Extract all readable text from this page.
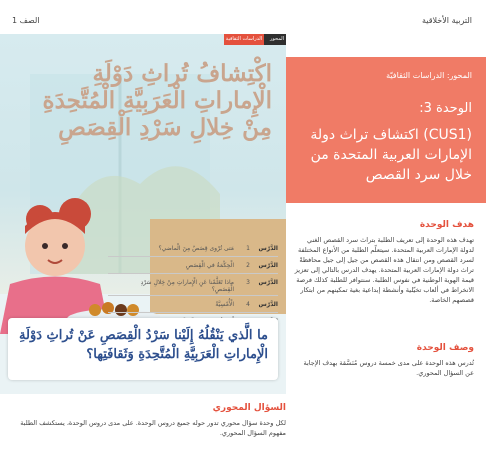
الصف 1	التربية الأخلاقية
الدراسات الثقافية	المحور
اكْتِشافُ تُراثِ دَوْلَةِ الْإِماراتِ الْعَرَبِيَّةِ الْمُتَّحِدَةِ مِنْ خِلالِ سَرْدِ الْقِصَصِ
الدَّرْس
1
مَتى تُرْوى قِصَصٌ مِنَ الْماضي؟
الدَّرْس
2
الْحِكْمَةُ في الْقِصَصِ
الدَّرْس
3
ماذا تَعَلَّمْنا عَنِ الْإِماراتِ مِنْ خِلالِ سَرْدِ الْقِصَصِ؟
الدَّرْس
4
الْأُمْسِيَّةُ
ما الَّذي يَنْقُلُهُ إِلَيْنا سَرْدُ الْقِصَصِ عَنْ تُراثِ دَوْلَةِ الْإِماراتِ الْعَرَبِيَّةِ الْمُتَّحِدَةِ وَثَقافَتِها؟
المحور: الدراسات الثقافيّة
الوحدة 3:
(CUS1) اكتشاف تراث دولة الإمارات العربية المتحدة من خلال سرد القصص
هدف الوحدة

تهدف هذه الوحدة إلى تعريف الطلبة بتراث سرد القصص الغني لدولة الإمارات العربية المتحدة. سيتعلّم الطلبة من الأنواع المختلفة لسرد القصص ومن انتقال هذه القصص من جيل إلى جيل محافظةً تراث دولة الإمارات العربية المتحدة. يهدف الدرس بالتالي إلى تعزيز قيمة الهوية الوطنية في نفوس الطلبة. سنتوافر للطلبة كذلك فرصة الانخراط في ألعاب تخيّلية وأنشطة إبداعية بغية تمكينهم من ابتكار قصصهم الخاصة.

وصف الوحدة

تُدرس هذه الوحدة على مدى خمسة دروس مُنَسَّقة بهدف الإجابة عن السؤال المحوري.

السؤال المحوري

لكل وحدة سؤال محوري تدور حوله جميع دروس الوحدة. على مدى دروس الوحدة، يستكشف الطلبة مفهوم السؤال المحوري.
